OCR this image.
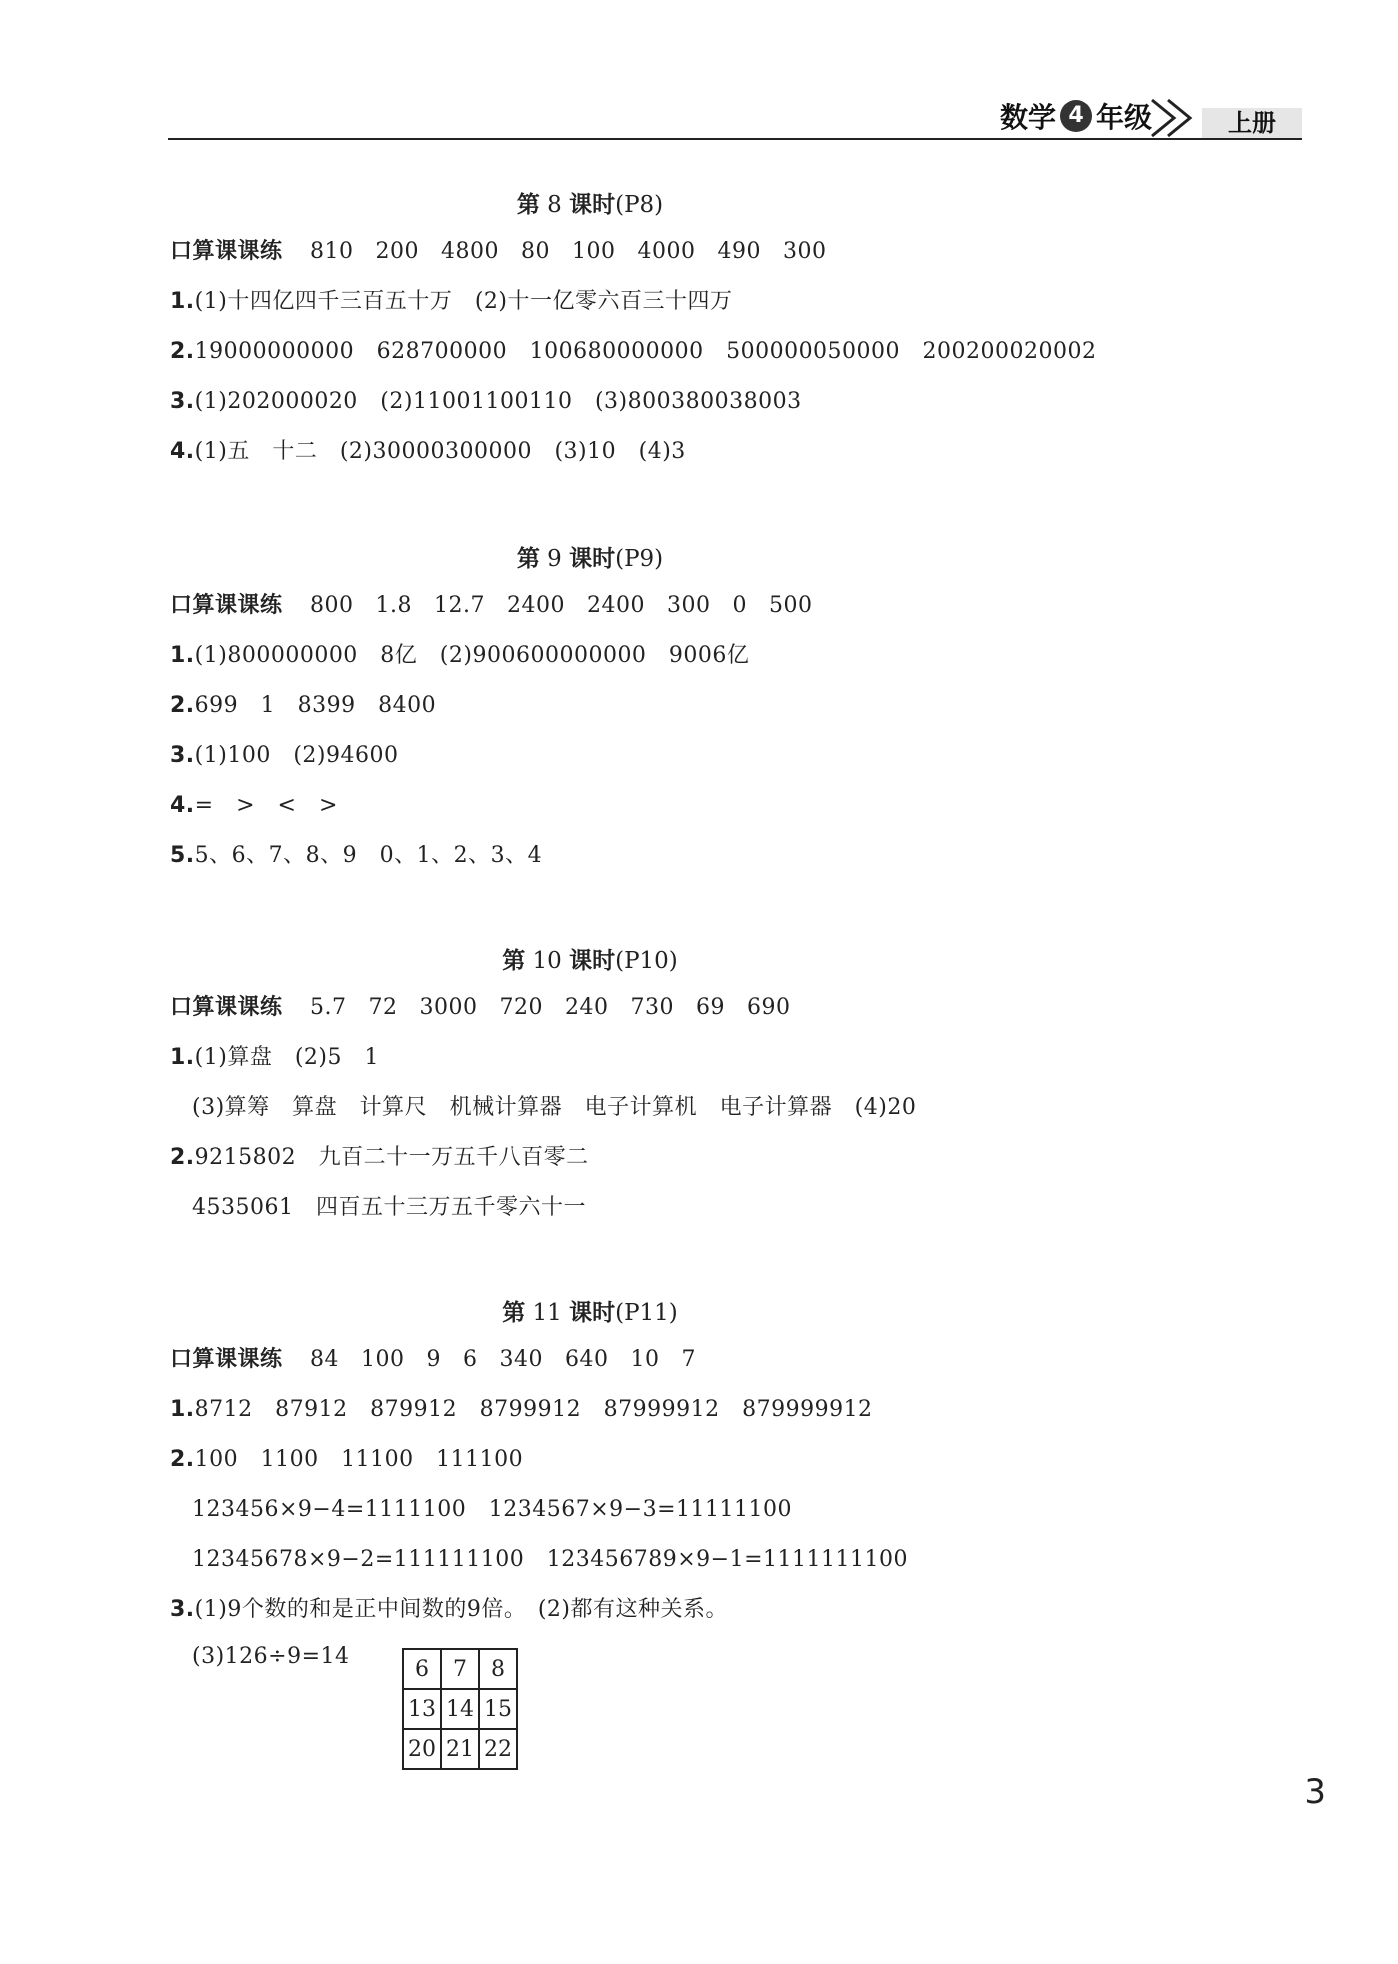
数学 4 年级	上册
第 8 课时(P8)
口算课课练 810 200 4800 80 100 4000 490 300
1.(1)十四亿四千三百五十万　(2)十一亿零六百三十四万
2.19000000000　628700000　100680000000　500000050000　200200020002
3.(1)202000020　(2)11001100110　(3)800380038003
4.(1)五　十二　(2)30000300000　(3)10　(4)3
第 9 课时(P9)
口算课课练 800 1.8 12.7 2400 2400 300 0 500
1.(1)800000000　8亿　(2)900600000000　9006亿
2.699　1　8399　8400
3.(1)100　(2)94600
4.=　>　<　>
5.5、6、7、8、9　0、1、2、3、4
第 10 课时(P10)
口算课课练 5.7 72 3000 720 240 730 69 690
1.(1)算盘　(2)5　1
(3)算筹　算盘　计算尺　机械计算器　电子计算机　电子计算器　(4)20
2.9215802　九百二十一万五千八百零二
4535061　四百五十三万五千零六十一
第 11 课时(P11)
口算课课练 84 100 9 6 340 640 10 7
1.8712　87912　879912　8799912　87999912　879999912
2.100　1100　11100　111100
123456×9−4=1111100　1234567×9−3=11111100
12345678×9−2=111111100　123456789×9−1=1111111100
3.(1)9个数的和是正中间数的9倍。　(2)都有这种关系。
(3)126÷9=14	6	7	8
13	14	15
20	21	22
3
